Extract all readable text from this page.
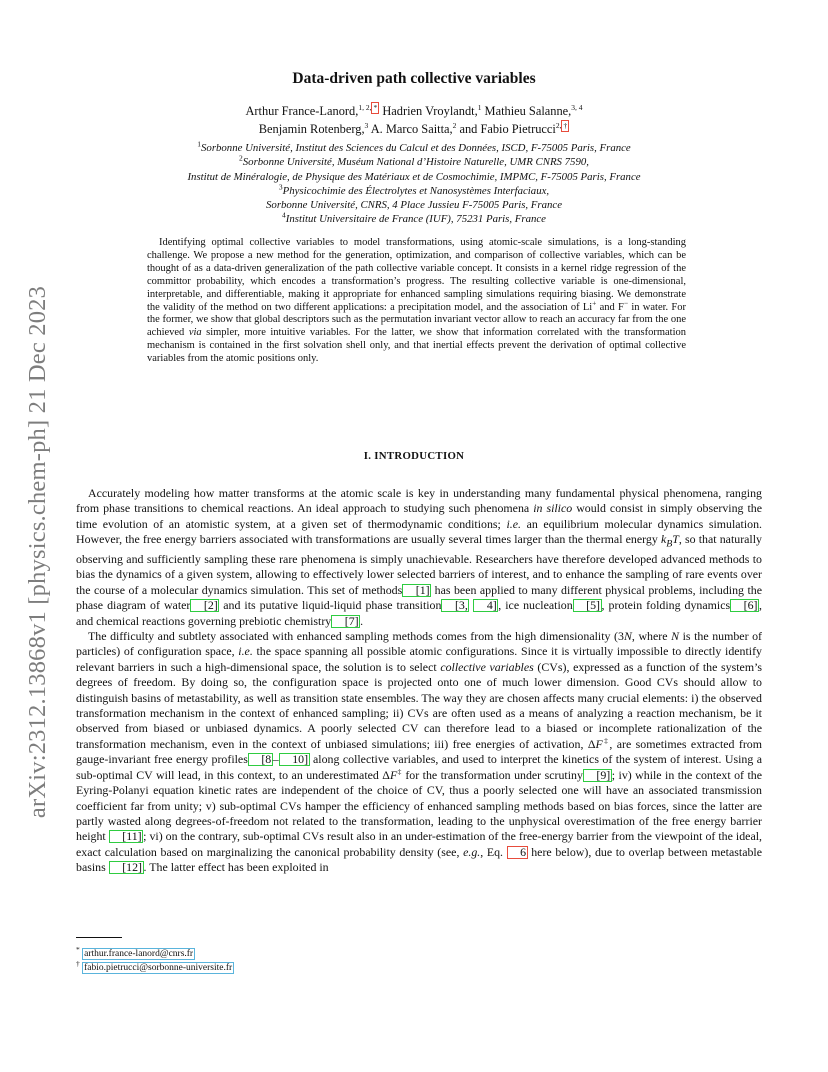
arXiv:2312.13868v1 [physics.chem-ph] 21 Dec 2023
Data-driven path collective variables
Arthur France-Lanord,$^{1, 2,}$ * Hadrien Vroylandt,$^1$ Mathieu Salanne,$^{3, 4}$
Benjamin Rotenberg,$^3$ A. Marco Saitta,$^2$ and Fabio Pietrucci$^{2,}$ †
$^1$Sorbonne Université, Institut des Sciences du Calcul et des Données, ISCD, F-75005 Paris, France
$^2$Sorbonne Université, Muséum National d’Histoire Naturelle, UMR CNRS 7590,
Institut de Minéralogie, de Physique des Matériaux et de Cosmochimie, IMPMC, F-75005 Paris, France
$^3$Physicochimie des Électrolytes et Nanosystèmes Interfaciaux,
Sorbonne Université, CNRS, 4 Place Jussieu F-75005 Paris, France
$^4$Institut Universitaire de France (IUF), 75231 Paris, France
Identifying optimal collective variables to model transformations, using atomic-scale simulations, is a long-standing challenge. We propose a new method for the generation, optimization, and comparison of collective variables, which can be thought of as a data-driven generalization of the path collective variable concept. It consists in a kernel ridge regression of the committor probability, which encodes a transformation’s progress. The resulting collective variable is one-dimensional, interpretable, and differentiable, making it appropriate for enhanced sampling simulations requiring biasing. We demonstrate the validity of the method on two different applications: a precipitation model, and the association of Li+ and F− in water. For the former, we show that global descriptors such as the permutation invariant vector allow to reach an accuracy far from the one achieved via simpler, more intuitive variables. For the latter, we show that information correlated with the transformation mechanism is contained in the first solvation shell only, and that inertial effects prevent the derivation of optimal collective variables from the atomic positions only.
I. INTRODUCTION

Accurately modeling how matter transforms at the atomic scale is key in understanding many fundamental physical phenomena, ranging from phase transitions to chemical reactions. An ideal approach to studying such phenomena in silico would consist in simply observing the time evolution of an atomistic system, at a given set of thermodynamic conditions; i.e. an equilibrium molecular dynamics simulation. However, the free energy barriers associated with transformations are usually several times larger than the thermal energy $k_BT$, so that naturally observing and sufficiently sampling these rare phenomena is simply unachievable. Researchers have therefore developed advanced methods to bias the dynamics of a given system, allowing to effectively lower selected barriers of interest, and to enhance the sampling of rare events over the course of a molecular dynamics simulation. This set of methods [1] has been applied to many different physical problems, including the phase diagram of water [2] and its putative liquid-liquid phase transition [3, 4] , ice nucleation [5] , protein folding dynamics [6] , and chemical reactions governing prebiotic chemistry [7] .

The difficulty and subtlety associated with enhanced sampling methods comes from the high dimensionality (3N, where N is the number of particles) of configuration space, i.e. the space spanning all possible atomic configurations. Since it is virtually impossible to directly identify relevant barriers in such a high-dimensional space, the solution is to select collective variables (CVs), expressed as a function of the system’s degrees of freedom. By doing so, the configuration space is projected onto one of much lower dimension. Good CVs should allow to distinguish basins of metastability, as well as transition state ensembles. The way they are chosen affects many crucial elements: i) the observed transformation mechanism in the context of enhanced sampling; ii) CVs are often used as a means of analyzing a reaction mechanism, be it observed from biased or unbiased dynamics. A poorly selected CV can therefore lead to a biased or incomplete rationalization of the transformation mechanism, even in the context of unbiased simulations; iii) free energies of activation, ΔF‡, are sometimes extracted from gauge-invariant free energy profiles [8 – 10] along collective variables, and used to interpret the kinetics of the system of interest. Using a sub-optimal CV will lead, in this context, to an underestimated ΔF‡ for the transformation under scrutiny [9] ; iv) while in the context of the Eyring-Polanyi equation kinetic rates are independent of the choice of CV, thus a poorly selected one will have an associated transmission coefficient far from unity; v) sub-optimal CVs hamper the efficiency of enhanced sampling methods based on bias forces, since the latter are partly wasted along degrees-of-freedom not related to the transformation, leading to the unphysical overestimation of the free energy barrier height [11] ; vi) on the contrary, sub-optimal CVs result also in an under-estimation of the free-energy barrier from the viewpoint of the ideal, exact calculation based on marginalizing the canonical probability density (see, e.g., Eq. 6 here below), due to overlap between metastable basins [12] . The latter effect has been exploited in

* arthur.france-lanord@cnrs.fr
† fabio.pietrucci@sorbonne-universite.fr
